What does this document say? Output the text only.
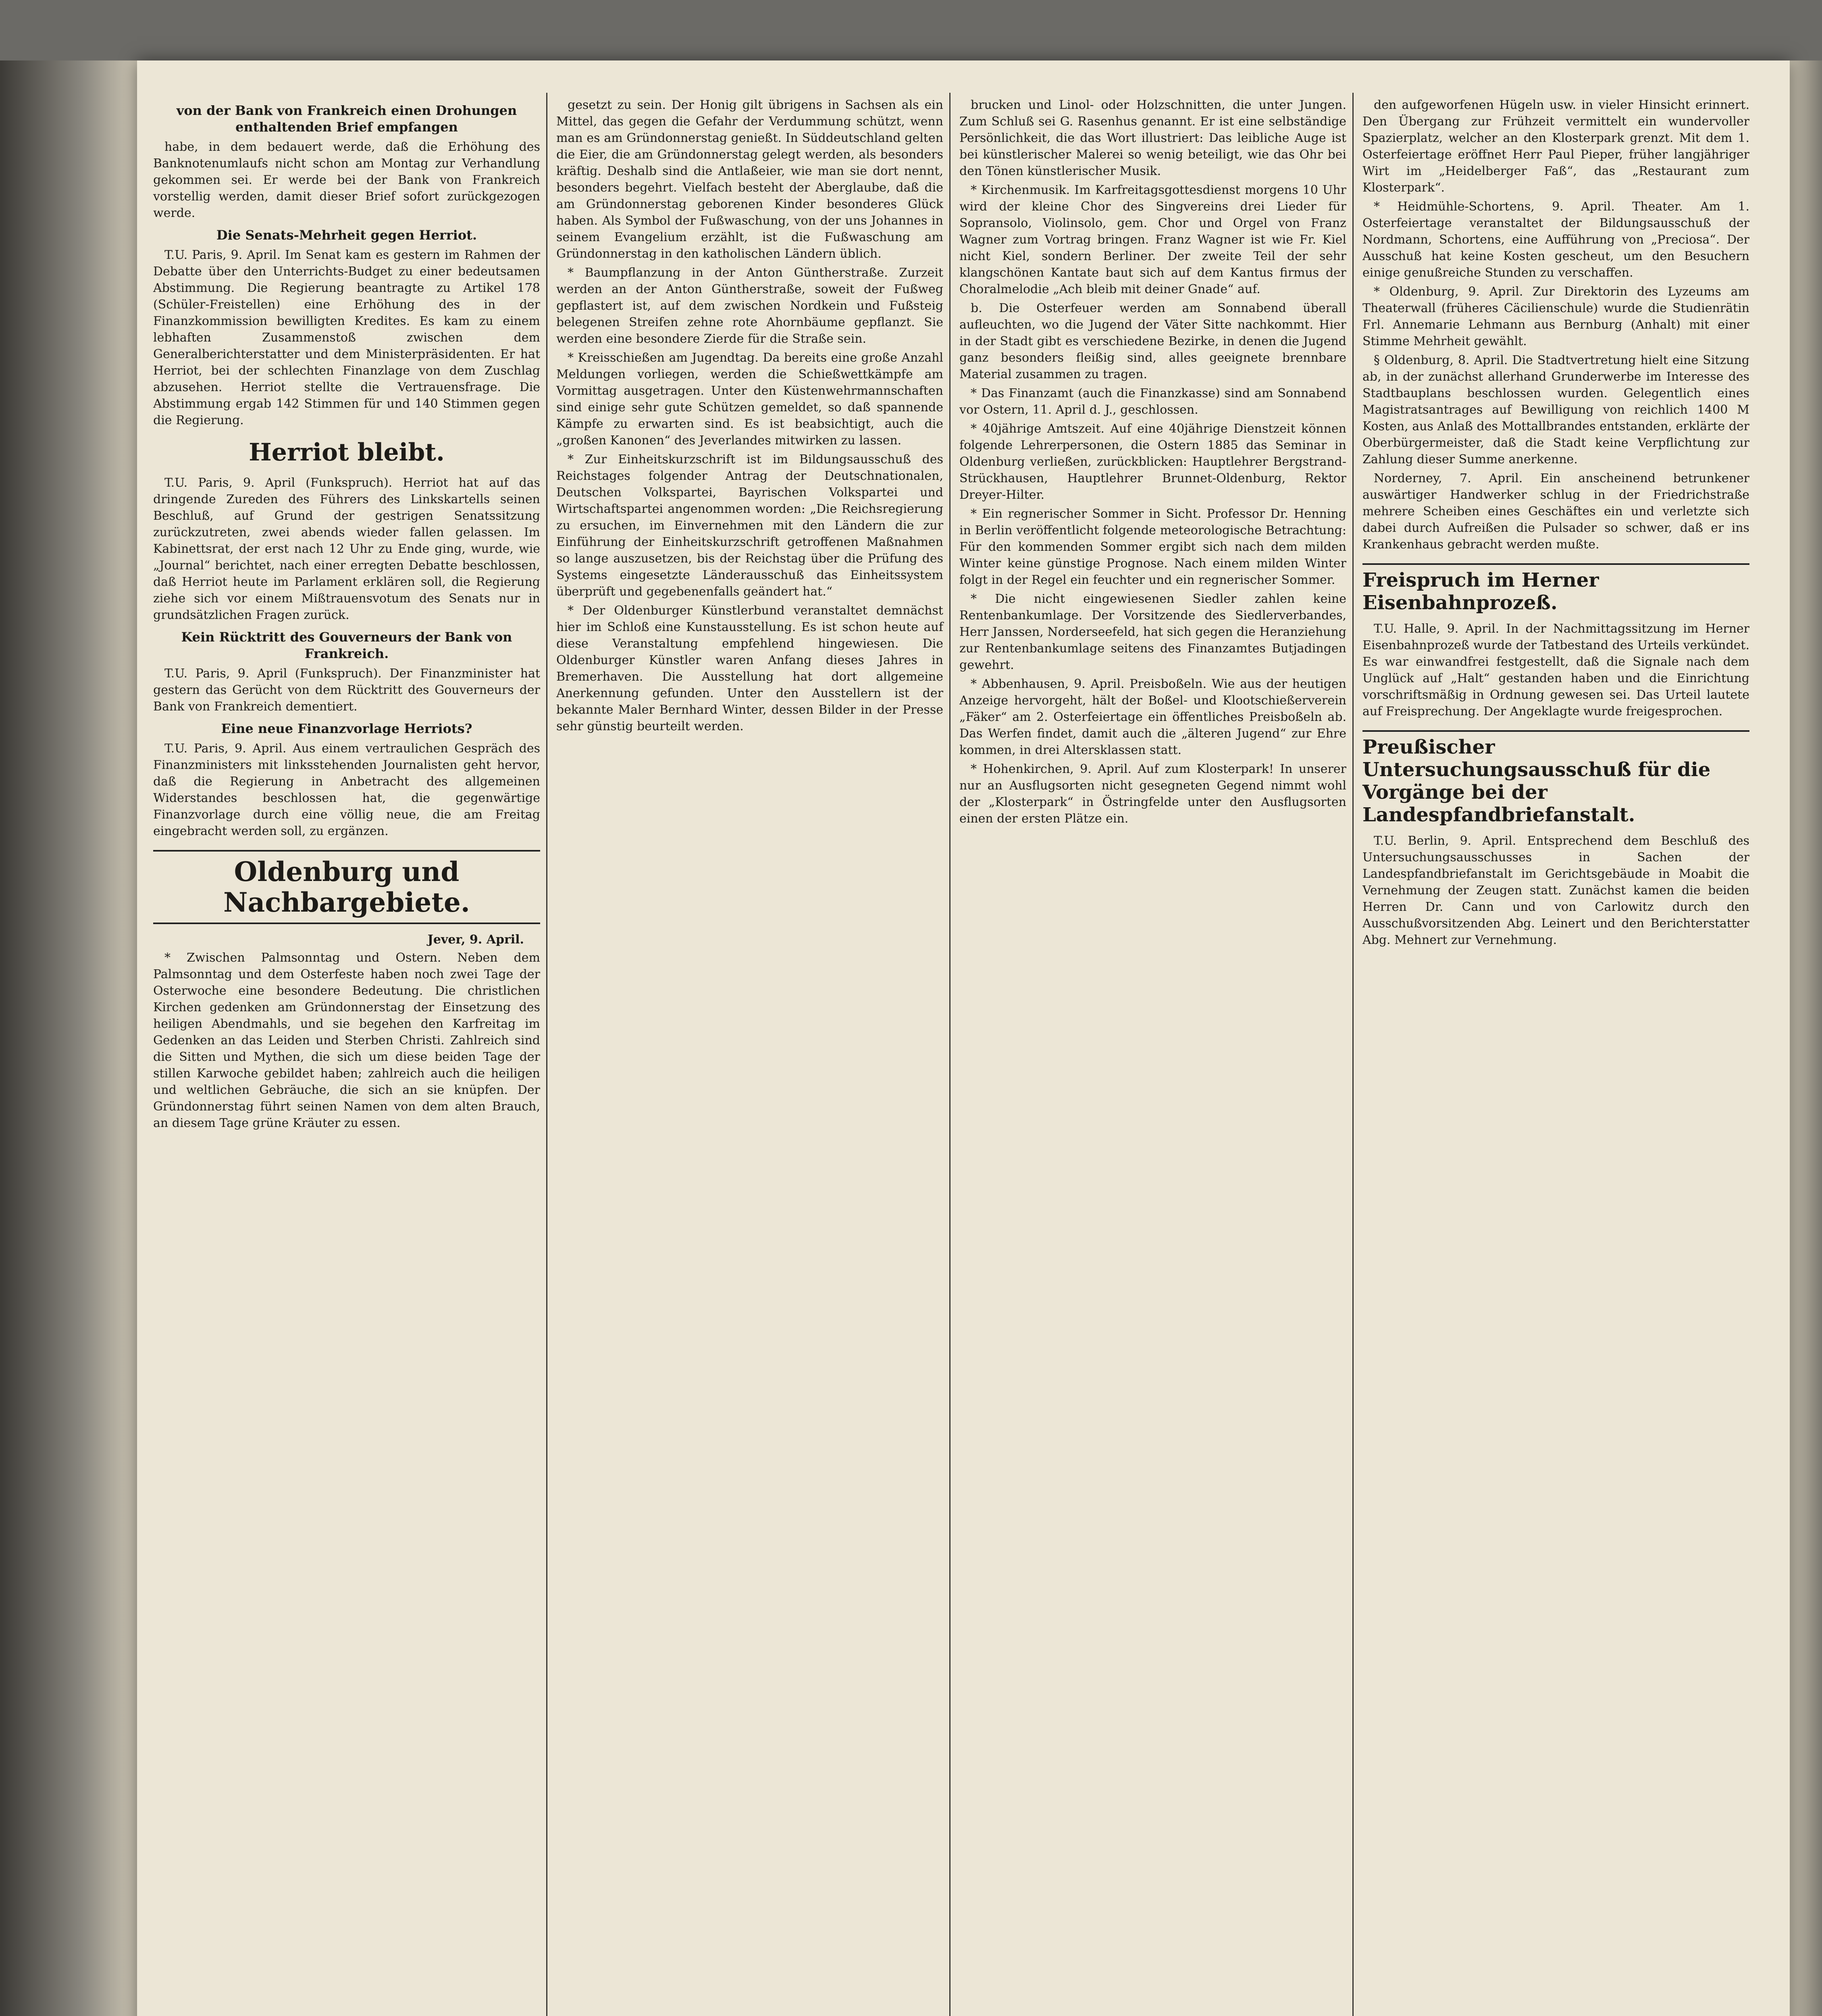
von der Bank von Frankreich einen Drohungen enthaltenden Brief empfangen

habe, in dem bedauert werde, daß die Erhöhung des Banknotenumlaufs nicht schon am Montag zur Verhandlung gekommen sei. Er werde bei der Bank von Frankreich vorstellig werden, damit dieser Brief sofort zurückgezogen werde.

Die Senats-Mehrheit gegen Herriot.

T.U. Paris, 9. April. Im Senat kam es gestern im Rahmen der Debatte über den Unterrichts-Budget zu einer bedeutsamen Abstimmung. Die Regierung beantragte zu Artikel 178 (Schüler-Freistellen) eine Erhöhung des in der Finanzkommission bewilligten Kredites. Es kam zu einem lebhaften Zusammenstoß zwischen dem Generalberichterstatter und dem Ministerpräsidenten. Er hat Herriot, bei der schlechten Finanzlage von dem Zuschlag abzusehen. Herriot stellte die Vertrauensfrage. Die Abstimmung ergab 142 Stimmen für und 140 Stimmen gegen die Regierung.

Herriot bleibt.

T.U. Paris, 9. April (Funkspruch). Herriot hat auf das dringende Zureden des Führers des Linkskartells seinen Beschluß, auf Grund der gestrigen Senatssitzung zurückzutreten, zwei abends wieder fallen gelassen. Im Kabinettsrat, der erst nach 12 Uhr zu Ende ging, wurde, wie „Journal“ berichtet, nach einer erregten Debatte beschlossen, daß Herriot heute im Parlament erklären soll, die Regierung ziehe sich vor einem Mißtrauensvotum des Senats nur in grundsätzlichen Fragen zurück.

Kein Rücktritt des Gouverneurs der Bank von Frankreich.

T.U. Paris, 9. April (Funkspruch). Der Finanzminister hat gestern das Gerücht von dem Rücktritt des Gouverneurs der Bank von Frankreich dementiert.

Eine neue Finanzvorlage Herriots?

T.U. Paris, 9. April. Aus einem vertraulichen Gespräch des Finanzministers mit linksstehenden Journalisten geht hervor, daß die Regierung in Anbetracht des allgemeinen Widerstandes beschlossen hat, die gegenwärtige Finanzvorlage durch eine völlig neue, die am Freitag eingebracht werden soll, zu ergänzen.

Oldenburg und Nachbargebiete.
Jever, 9. April.

* Zwischen Palmsonntag und Ostern. Neben dem Palmsonntag und dem Osterfeste haben noch zwei Tage der Osterwoche eine besondere Bedeutung. Die christlichen Kirchen gedenken am Gründonnerstag der Einsetzung des heiligen Abendmahls, und sie begehen den Karfreitag im Gedenken an das Leiden und Sterben Christi. Zahlreich sind die Sitten und Mythen, die sich um diese beiden Tage der stillen Karwoche gebildet haben; zahlreich auch die heiligen und weltlichen Gebräuche, die sich an sie knüpfen. Der Gründonnerstag führt seinen Namen von dem alten Brauch, an diesem Tage grüne Kräuter zu essen.

gesetzt zu sein. Der Honig gilt übrigens in Sachsen als ein Mittel, das gegen die Gefahr der Verdummung schützt, wenn man es am Gründonnerstag genießt. In Süddeutschland gelten die Eier, die am Gründonnerstag gelegt werden, als besonders kräftig. Deshalb sind die Antlaßeier, wie man sie dort nennt, besonders begehrt. Vielfach besteht der Aberglaube, daß die am Gründonnerstag geborenen Kinder besonderes Glück haben. Als Symbol der Fußwaschung, von der uns Johannes in seinem Evangelium erzählt, ist die Fußwaschung am Gründonnerstag in den katholischen Ländern üblich.

* Baumpflanzung in der Anton Güntherstraße. Zurzeit werden an der Anton Güntherstraße, soweit der Fußweg gepflastert ist, auf dem zwischen Nordkein und Fußsteig belegenen Streifen zehne rote Ahornbäume gepflanzt. Sie werden eine besondere Zierde für die Straße sein.

* Kreisschießen am Jugendtag. Da bereits eine große Anzahl Meldungen vorliegen, werden die Schießwettkämpfe am Vormittag ausgetragen. Unter den Küstenwehrmannschaften sind einige sehr gute Schützen gemeldet, so daß spannende Kämpfe zu erwarten sind. Es ist beabsichtigt, auch die „großen Kanonen“ des Jeverlandes mitwirken zu lassen.

* Zur Einheitskurzschrift ist im Bildungsausschuß des Reichstages folgender Antrag der Deutschnationalen, Deutschen Volkspartei, Bayrischen Volkspartei und Wirtschaftspartei angenommen worden: „Die Reichsregierung zu ersuchen, im Einvernehmen mit den Ländern die zur Einführung der Einheitskurzschrift getroffenen Maßnahmen so lange auszusetzen, bis der Reichstag über die Prüfung des Systems eingesetzte Länderausschuß das Einheitssystem überprüft und gegebenenfalls geändert hat.“

* Der Oldenburger Künstlerbund veranstaltet demnächst hier im Schloß eine Kunstausstellung. Es ist schon heute auf diese Veranstaltung empfehlend hingewiesen. Die Oldenburger Künstler waren Anfang dieses Jahres in Bremerhaven. Die Ausstellung hat dort allgemeine Anerkennung gefunden. Unter den Ausstellern ist der bekannte Maler Bernhard Winter, dessen Bilder in der Presse sehr günstig beurteilt werden.

brucken und Linol- oder Holzschnitten, die unter Jungen. Zum Schluß sei G. Rasenhus genannt. Er ist eine selbständige Persönlichkeit, die das Wort illustriert: Das leibliche Auge ist bei künstlerischer Malerei so wenig beteiligt, wie das Ohr bei den Tönen künstlerischer Musik.

* Kirchenmusik. Im Karfreitagsgottesdienst morgens 10 Uhr wird der kleine Chor des Singvereins drei Lieder für Sopransolo, Violinsolo, gem. Chor und Orgel von Franz Wagner zum Vortrag bringen. Franz Wagner ist wie Fr. Kiel nicht Kiel, sondern Berliner. Der zweite Teil der sehr klangschönen Kantate baut sich auf dem Kantus firmus der Choralmelodie „Ach bleib mit deiner Gnade“ auf.

b. Die Osterfeuer werden am Sonnabend überall aufleuchten, wo die Jugend der Väter Sitte nachkommt. Hier in der Stadt gibt es verschiedene Bezirke, in denen die Jugend ganz besonders fleißig sind, alles geeignete brennbare Material zusammen zu tragen.

* Das Finanzamt (auch die Finanzkasse) sind am Sonnabend vor Ostern, 11. April d. J., geschlossen.

* 40jährige Amtszeit. Auf eine 40jährige Dienstzeit können folgende Lehrerpersonen, die Ostern 1885 das Seminar in Oldenburg verließen, zurückblicken: Hauptlehrer Bergstrand-Strückhausen, Hauptlehrer Brunnet-Oldenburg, Rektor Dreyer-Hilter.

* Ein regnerischer Sommer in Sicht. Professor Dr. Henning in Berlin veröffentlicht folgende meteorologische Betrachtung: Für den kommenden Sommer ergibt sich nach dem milden Winter keine günstige Prognose. Nach einem milden Winter folgt in der Regel ein feuchter und ein regnerischer Sommer.

* Die nicht eingewiesenen Siedler zahlen keine Rentenbankumlage. Der Vorsitzende des Siedlerverbandes, Herr Janssen, Norderseefeld, hat sich gegen die Heranziehung zur Rentenbankumlage seitens des Finanzamtes Butjadingen gewehrt.

* Abbenhausen, 9. April. Preisboßeln. Wie aus der heutigen Anzeige hervorgeht, hält der Boßel- und Klootschießerverein „Fäker“ am 2. Osterfeiertage ein öffentliches Preisboßeln ab. Das Werfen findet, damit auch die „älteren Jugend“ zur Ehre kommen, in drei Altersklassen statt.

* Hohenkirchen, 9. April. Auf zum Klosterpark! In unserer nur an Ausflugsorten nicht gesegneten Gegend nimmt wohl der „Klosterpark“ in Östringfelde unter den Ausflugsorten einen der ersten Plätze ein.

den aufgeworfenen Hügeln usw. in vieler Hinsicht erinnert. Den Übergang zur Frühzeit vermittelt ein wundervoller Spazierplatz, welcher an den Klosterpark grenzt. Mit dem 1. Osterfeiertage eröffnet Herr Paul Pieper, früher langjähriger Wirt im „Heidelberger Faß“, das „Restaurant zum Klosterpark“.

* Heidmühle-Schortens, 9. April. Theater. Am 1. Osterfeiertage veranstaltet der Bildungsausschuß der Nordmann, Schortens, eine Aufführung von „Preciosa“. Der Ausschuß hat keine Kosten gescheut, um den Besuchern einige genußreiche Stunden zu verschaffen.

* Oldenburg, 9. April. Zur Direktorin des Lyzeums am Theaterwall (früheres Cäcilienschule) wurde die Studienrätin Frl. Annemarie Lehmann aus Bernburg (Anhalt) mit einer Stimme Mehrheit gewählt.

§ Oldenburg, 8. April. Die Stadtvertretung hielt eine Sitzung ab, in der zunächst allerhand Grunderwerbe im Interesse des Stadtbauplans beschlossen wurden. Gelegentlich eines Magistratsantrages auf Bewilligung von reichlich 1400 M Kosten, aus Anlaß des Mottallbrandes entstanden, erklärte der Oberbürgermeister, daß die Stadt keine Verpflichtung zur Zahlung dieser Summe anerkenne.

Norderney, 7. April. Ein anscheinend betrunkener auswärtiger Handwerker schlug in der Friedrichstraße mehrere Scheiben eines Geschäftes ein und verletzte sich dabei durch Aufreißen die Pulsader so schwer, daß er ins Krankenhaus gebracht werden mußte.

Freispruch im Herner Eisenbahnprozeß.

T.U. Halle, 9. April. In der Nachmittagssitzung im Herner Eisenbahnprozeß wurde der Tatbestand des Urteils verkündet. Es war einwandfrei festgestellt, daß die Signale nach dem Unglück auf „Halt“ gestanden haben und die Einrichtung vorschriftsmäßig in Ordnung gewesen sei. Das Urteil lautete auf Freisprechung. Der Angeklagte wurde freigesprochen.

Preußischer Untersuchungsausschuß für die Vorgänge bei der Landespfandbriefanstalt.

T.U. Berlin, 9. April. Entsprechend dem Beschluß des Untersuchungsausschusses in Sachen der Landespfandbriefanstalt im Gerichtsgebäude in Moabit die Vernehmung der Zeugen statt. Zunächst kamen die beiden Herren Dr. Cann und von Carlowitz durch den Ausschußvorsitzenden Abg. Leinert und den Berichterstatter Abg. Mehnert zur Vernehmung.
